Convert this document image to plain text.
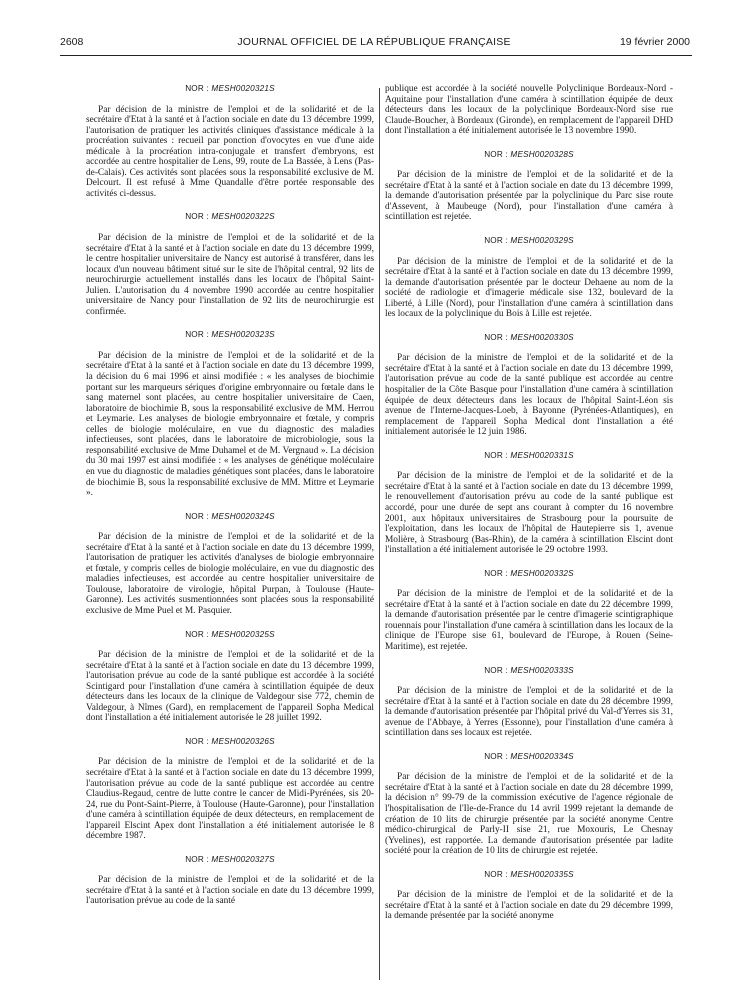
2608	JOURNAL OFFICIEL DE LA RÉPUBLIQUE FRANÇAISE	19 février 2000
NOR : MESH0020321S

Par décision de la ministre de l'emploi et de la solidarité et de la secrétaire d'Etat à la santé et à l'action sociale en date du 13 décembre 1999, l'autorisation de pratiquer les activités cliniques d'assistance médicale à la procréation suivantes : recueil par ponction d'ovocytes en vue d'une aide médicale à la procréation intra-conjugale et transfert d'embryons, est accordée au centre hospitalier de Lens, 99, route de La Bassée, à Lens (Pas-de-Calais). Ces activités sont placées sous la responsabilité exclusive de M. Delcourt. Il est refusé à Mme Quandalle d'être portée responsable des activités ci-dessus.

NOR : MESH0020322S

Par décision de la ministre de l'emploi et de la solidarité et de la secrétaire d'Etat à la santé et à l'action sociale en date du 13 décembre 1999, le centre hospitalier universitaire de Nancy est autorisé à transférer, dans les locaux d'un nouveau bâtiment situé sur le site de l'hôpital central, 92 lits de neurochirurgie actuellement installés dans les locaux de l'hôpital Saint-Julien. L'autorisation du 4 novembre 1990 accordée au centre hospitalier universitaire de Nancy pour l'installation de 92 lits de neurochirurgie est confirmée.

NOR : MESH0020323S

Par décision de la ministre de l'emploi et de la solidarité et de la secrétaire d'Etat à la santé et à l'action sociale en date du 13 décembre 1999, la décision du 6 mai 1996 et ainsi modifiée : « les analyses de biochimie portant sur les marqueurs sériques d'origine embryonnaire ou fœtale dans le sang maternel sont placées, au centre hospitalier universitaire de Caen, laboratoire de biochimie B, sous la responsabilité exclusive de MM. Herrou et Leymarie. Les analyses de biologie embryonnaire et fœtale, y compris celles de biologie moléculaire, en vue du diagnostic des maladies infectieuses, sont placées, dans le laboratoire de microbiologie, sous la responsabilité exclusive de Mme Duhamel et de M. Vergnaud ». La décision du 30 mai 1997 est ainsi modifiée : « les analyses de génétique moléculaire en vue du diagnostic de maladies génétiques sont placées, dans le laboratoire de biochimie B, sous la responsabilité exclusive de MM. Mittre et Leymarie ».

NOR : MESH0020324S

Par décision de la ministre de l'emploi et de la solidarité et de la secrétaire d'Etat à la santé et à l'action sociale en date du 13 décembre 1999, l'autorisation de pratiquer les activités d'analyses de biologie embryonnaire et fœtale, y compris celles de biologie moléculaire, en vue du diagnostic des maladies infectieuses, est accordée au centre hospitalier universitaire de Toulouse, laboratoire de virologie, hôpital Purpan, à Toulouse (Haute-Garonne). Les activités susmentionnées sont placées sous la responsabilité exclusive de Mme Puel et M. Pasquier.

NOR : MESH0020325S

Par décision de la ministre de l'emploi et de la solidarité et de la secrétaire d'Etat à la santé et à l'action sociale en date du 13 décembre 1999, l'autorisation prévue au code de la santé publique est accordée à la société Scintigard pour l'installation d'une caméra à scintillation équipée de deux détecteurs dans les locaux de la clinique de Valdegour sise 772, chemin de Valdegour, à Nîmes (Gard), en remplacement de l'appareil Sopha Medical dont l'installation a été initialement autorisée le 28 juillet 1992.

NOR : MESH0020326S

Par décision de la ministre de l'emploi et de la solidarité et de la secrétaire d'Etat à la santé et à l'action sociale en date du 13 décembre 1999, l'autorisation prévue au code de la santé publique est accordée au centre Claudius-Regaud, centre de lutte contre le cancer de Midi-Pyrénées, sis 20-24, rue du Pont-Saint-Pierre, à Toulouse (Haute-Garonne), pour l'installation d'une caméra à scintillation équipée de deux détecteurs, en remplacement de l'appareil Elscint Apex dont l'installation a été initialement autorisée le 8 décembre 1987.

NOR : MESH0020327S

Par décision de la ministre de l'emploi et de la solidarité et de la secrétaire d'Etat à la santé et à l'action sociale en date du 13 décembre 1999, l'autorisation prévue au code de la santé

publique est accordée à la société nouvelle Polyclinique Bordeaux-Nord - Aquitaine pour l'installation d'une caméra à scintillation équipée de deux détecteurs dans les locaux de la polyclinique Bordeaux-Nord sise rue Claude-Boucher, à Bordeaux (Gironde), en remplacement de l'appareil DHD dont l'installation a été initialement autorisée le 13 novembre 1990.

NOR : MESH0020328S

Par décision de la ministre de l'emploi et de la solidarité et de la secrétaire d'Etat à la santé et à l'action sociale en date du 13 décembre 1999, la demande d'autorisation présentée par la polyclinique du Parc sise route d'Assevent, à Maubeuge (Nord), pour l'installation d'une caméra à scintillation est rejetée.

NOR : MESH0020329S

Par décision de la ministre de l'emploi et de la solidarité et de la secrétaire d'Etat à la santé et à l'action sociale en date du 13 décembre 1999, la demande d'autorisation présentée par le docteur Dehaene au nom de la société de radiologie et d'imagerie médicale sise 132, boulevard de la Liberté, à Lille (Nord), pour l'installation d'une caméra à scintillation dans les locaux de la polyclinique du Bois à Lille est rejetée.

NOR : MESH0020330S

Par décision de la ministre de l'emploi et de la solidarité et de la secrétaire d'Etat à la santé et à l'action sociale en date du 13 décembre 1999, l'autorisation prévue au code de la santé publique est accordée au centre hospitalier de la Côte Basque pour l'installation d'une caméra à scintillation équipée de deux détecteurs dans les locaux de l'hôpital Saint-Léon sis avenue de l'Interne-Jacques-Loeb, à Bayonne (Pyrénées-Atlantiques), en remplacement de l'appareil Sopha Medical dont l'installation a été initialement autorisée le 12 juin 1986.

NOR : MESH0020331S

Par décision de la ministre de l'emploi et de la solidarité et de la secrétaire d'Etat à la santé et à l'action sociale en date du 13 décembre 1999, le renouvellement d'autorisation prévu au code de la santé publique est accordé, pour une durée de sept ans courant à compter du 16 novembre 2001, aux hôpitaux universitaires de Strasbourg pour la poursuite de l'exploitation, dans les locaux de l'hôpital de Hautepierre sis 1, avenue Molière, à Strasbourg (Bas-Rhin), de la caméra à scintillation Elscint dont l'installation a été initialement autorisée le 29 octobre 1993.

NOR : MESH0020332S

Par décision de la ministre de l'emploi et de la solidarité et de la secrétaire d'Etat à la santé et à l'action sociale en date du 22 décembre 1999, la demande d'autorisation présentée par le centre d'imagerie scintigraphique rouennais pour l'installation d'une caméra à scintillation dans les locaux de la clinique de l'Europe sise 61, boulevard de l'Europe, à Rouen (Seine-Maritime), est rejetée.

NOR : MESH0020333S

Par décision de la ministre de l'emploi et de la solidarité et de la secrétaire d'Etat à la santé et à l'action sociale en date du 28 décembre 1999, la demande d'autorisation présentée par l'hôpital privé du Val-d'Yerres sis 31, avenue de l'Abbaye, à Yerres (Essonne), pour l'installation d'une caméra à scintillation dans ses locaux est rejetée.

NOR : MESH0020334S

Par décision de la ministre de l'emploi et de la solidarité et de la secrétaire d'Etat à la santé et à l'action sociale en date du 28 décembre 1999, la décision n° 99-79 de la commission exécutive de l'agence régionale de l'hospitalisation de l'Ile-de-France du 14 avril 1999 rejetant la demande de création de 10 lits de chirurgie présentée par la société anonyme Centre médico-chirurgical de Parly-II sise 21, rue Moxouris, Le Chesnay (Yvelines), est rapportée. La demande d'autorisation présentée par ladite société pour la création de 10 lits de chirurgie est rejetée.

NOR : MESH0020335S

Par décision de la ministre de l'emploi et de la solidarité et de la secrétaire d'Etat à la santé et à l'action sociale en date du 29 décembre 1999, la demande présentée par la société anonyme
